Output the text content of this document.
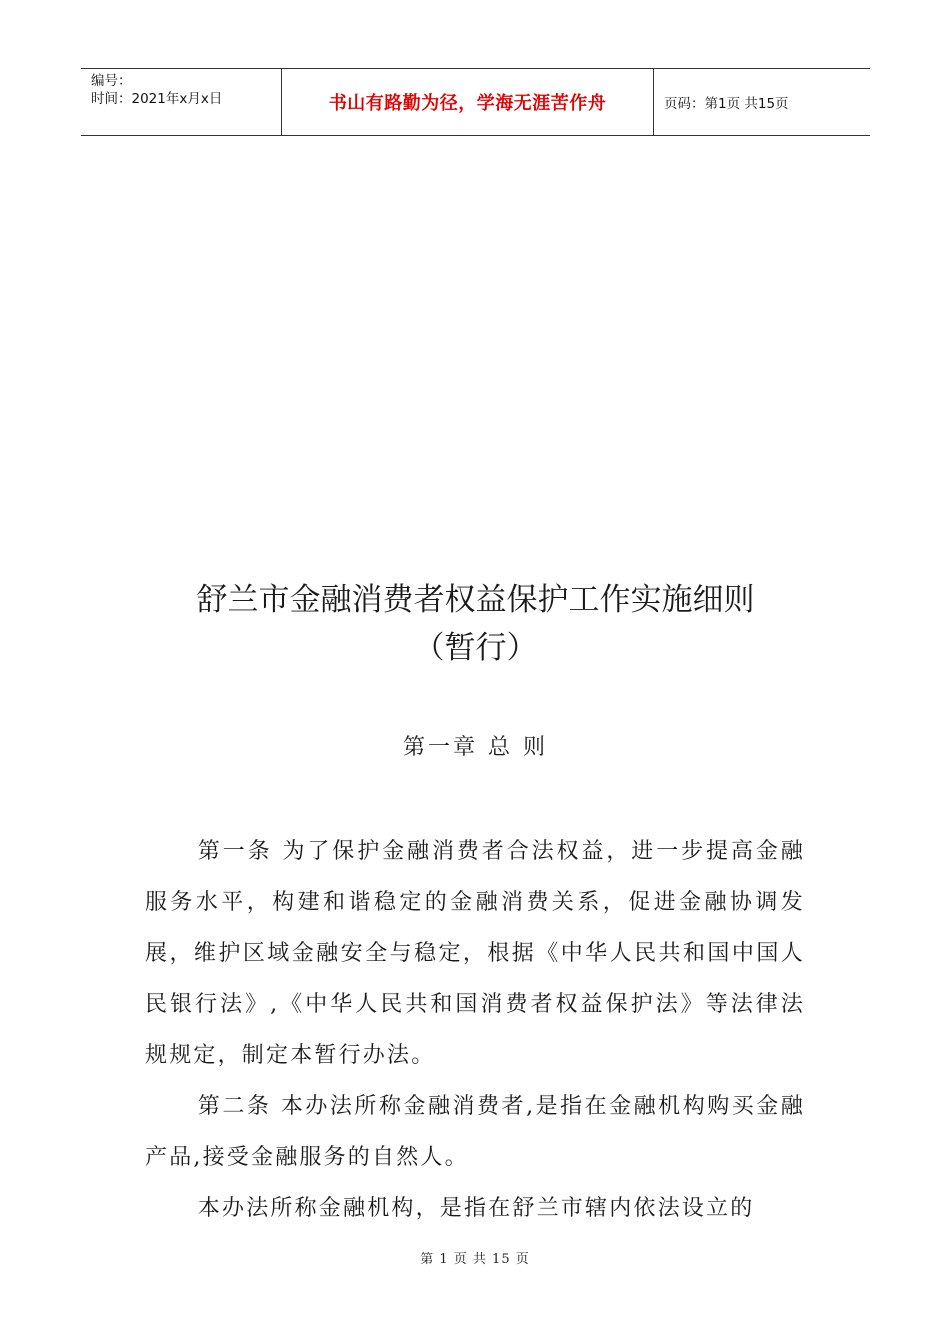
编号：
时间：2021年x月x日	书山有路勤为径，学海无涯苦作舟	页码：第1页 共15页
舒兰市金融消费者权益保护工作实施细则
（暂行）
第一章 总 则

第一条 为了保护金融消费者合法权益，进一步提高金融服务水平，构建和谐稳定的金融消费关系，促进金融协调发展，维护区域金融安全与稳定，根据《中华人民共和国中国人民银行法》,《中华人民共和国消费者权益保护法》等法律法规规定，制定本暂行办法。

第二条 本办法所称金融消费者,是指在金融机构购买金融产品,接受金融服务的自然人。

本办法所称金融机构，是指在舒兰市辖内依法设立的

第 1 页 共 15 页
